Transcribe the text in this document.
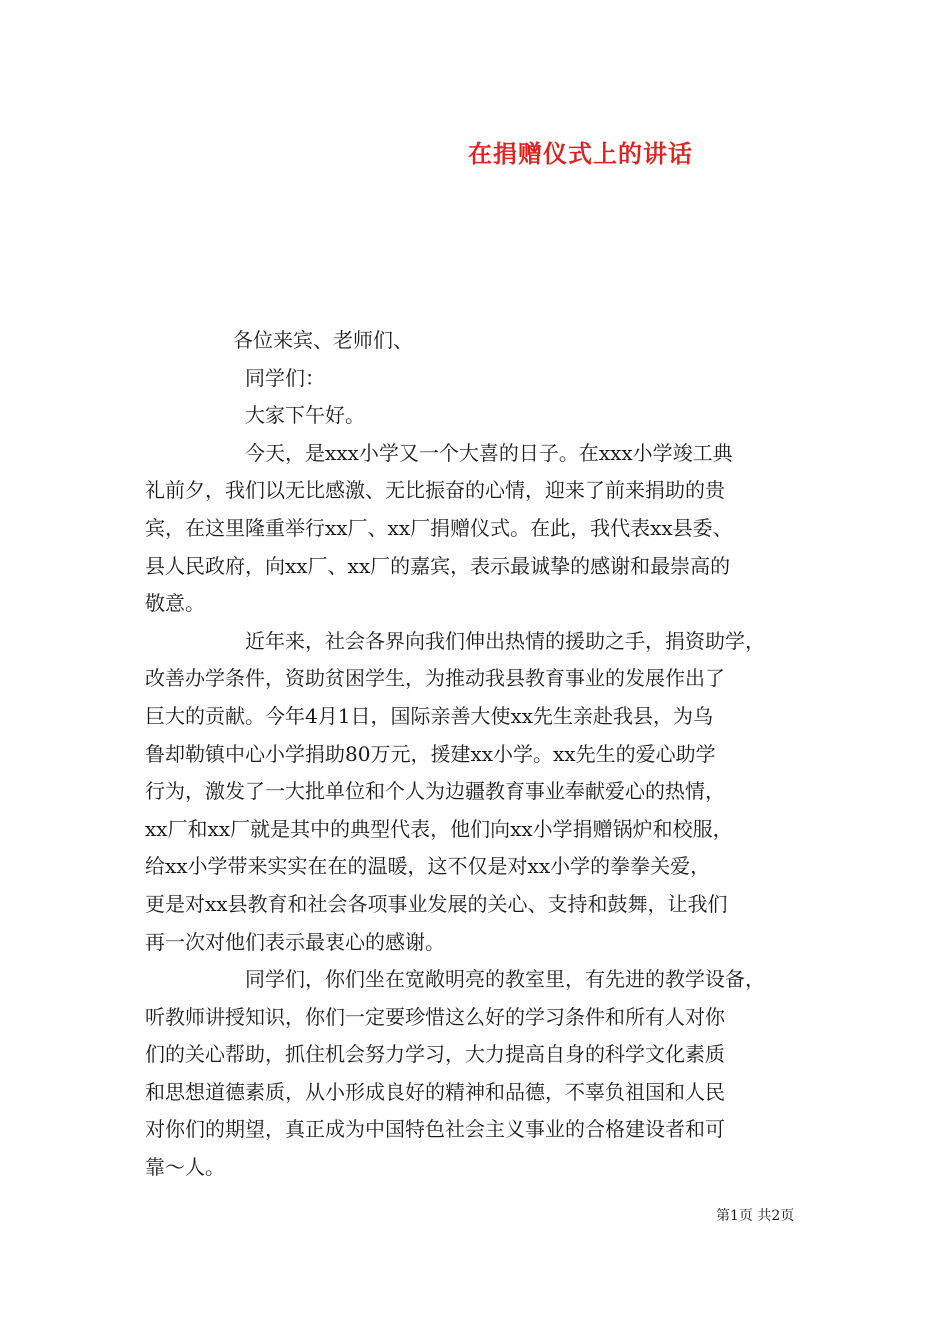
在捐赠仪式上的讲话

各位来宾、老师们、

同学们：

大家下午好。

今天，是xxx小学又一个大喜的日子。在xxx小学竣工典

礼前夕，我们以无比感激、无比振奋的心情，迎来了前来捐助的贵

宾，在这里隆重举行xx厂、xx厂捐赠仪式。在此，我代表xx县委、

县人民政府，向xx厂、xx厂的嘉宾，表示最诚挚的感谢和最崇高的

敬意。

近年来，社会各界向我们伸出热情的援助之手，捐资助学，

改善办学条件，资助贫困学生，为推动我县教育事业的发展作出了

巨大的贡献。今年4月1日，国际亲善大使xx先生亲赴我县，为乌

鲁却勒镇中心小学捐助80万元，援建xx小学。xx先生的爱心助学

行为，激发了一大批单位和个人为边疆教育事业奉献爱心的热情，

xx厂和xx厂就是其中的典型代表，他们向xx小学捐赠锅炉和校服，

给xx小学带来实实在在的温暖，这不仅是对xx小学的拳拳关爱，

更是对xx县教育和社会各项事业发展的关心、支持和鼓舞，让我们

再一次对他们表示最衷心的感谢。

同学们，你们坐在宽敞明亮的教室里，有先进的教学设备，

听教师讲授知识，你们一定要珍惜这么好的学习条件和所有人对你

们的关心帮助，抓住机会努力学习，大力提高自身的科学文化素质

和思想道德素质，从小形成良好的精神和品德，不辜负祖国和人民

对你们的期望，真正成为中国特色社会主义事业的合格建设者和可

靠～人。

第1页 共2页
